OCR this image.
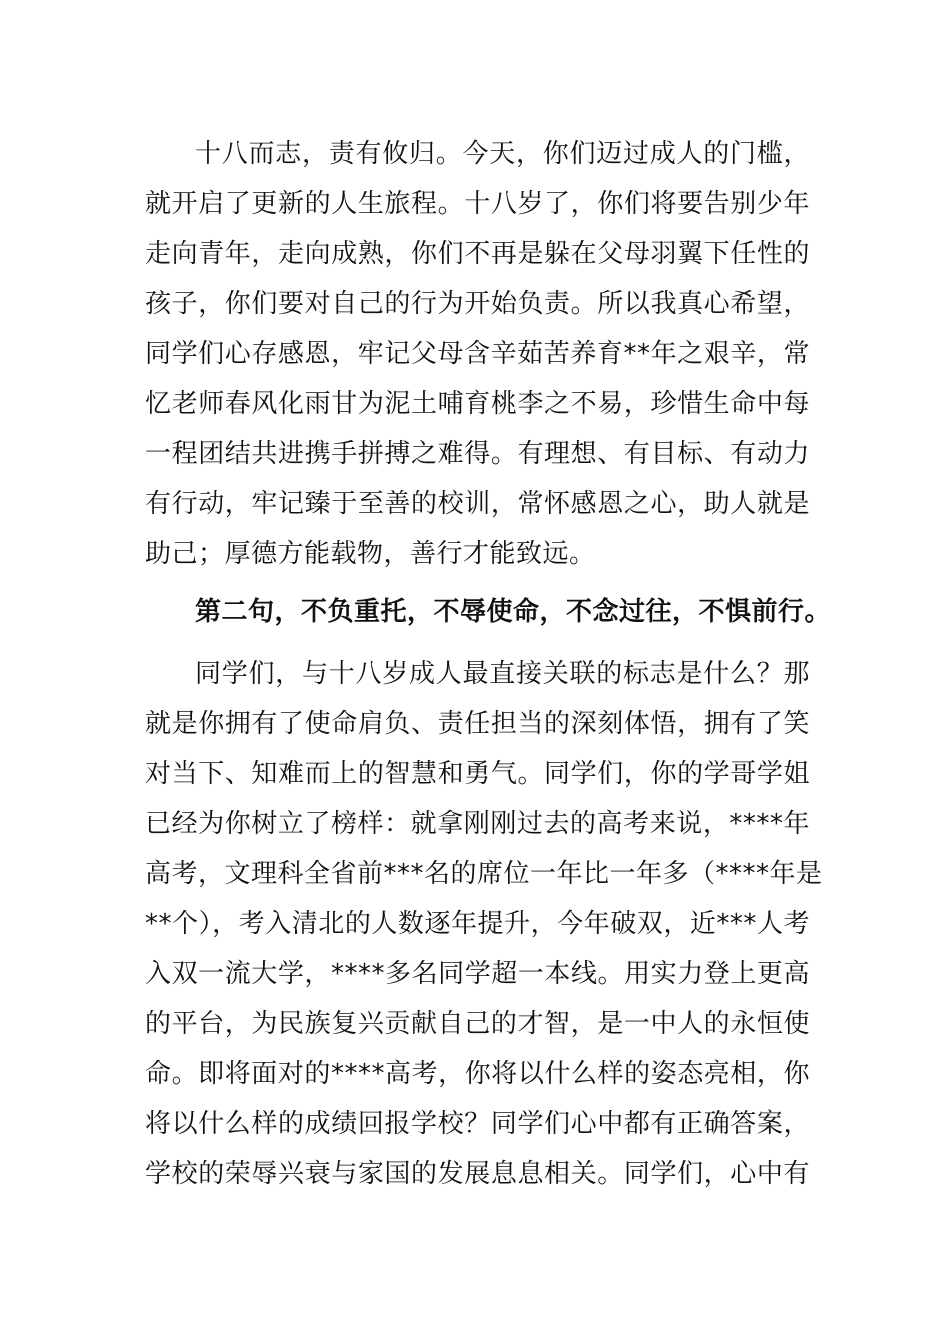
十八而志，责有攸归。今天，你们迈过成人的门槛，
就开启了更新的人生旅程。十八岁了，你们将要告别少年
走向青年，走向成熟，你们不再是躲在父母羽翼下任性的
孩子，你们要对自己的行为开始负责。所以我真心希望，
同学们心存感恩，牢记父母含辛茹苦养育**年之艰辛，常
忆老师春风化雨甘为泥土哺育桃李之不易，珍惜生命中每
一程团结共进携手拼搏之难得。有理想、有目标、有动力
有行动，牢记臻于至善的校训，常怀感恩之心，助人就是
助己；厚德方能载物，善行才能致远。
第二句，不负重托，不辱使命，不念过往，不惧前行。
同学们，与十八岁成人最直接关联的标志是什么？那
就是你拥有了使命肩负、责任担当的深刻体悟，拥有了笑
对当下、知难而上的智慧和勇气。同学们，你的学哥学姐
已经为你树立了榜样：就拿刚刚过去的高考来说，****年
高考，文理科全省前***名的席位一年比一年多（****年是
**个），考入清北的人数逐年提升，今年破双，近***人考
入双一流大学，****多名同学超一本线。用实力登上更高
的平台，为民族复兴贡献自己的才智，是一中人的永恒使
命。即将面对的****高考，你将以什么样的姿态亮相，你
将以什么样的成绩回报学校？同学们心中都有正确答案，
学校的荣辱兴衰与家国的发展息息相关。同学们，心中有
